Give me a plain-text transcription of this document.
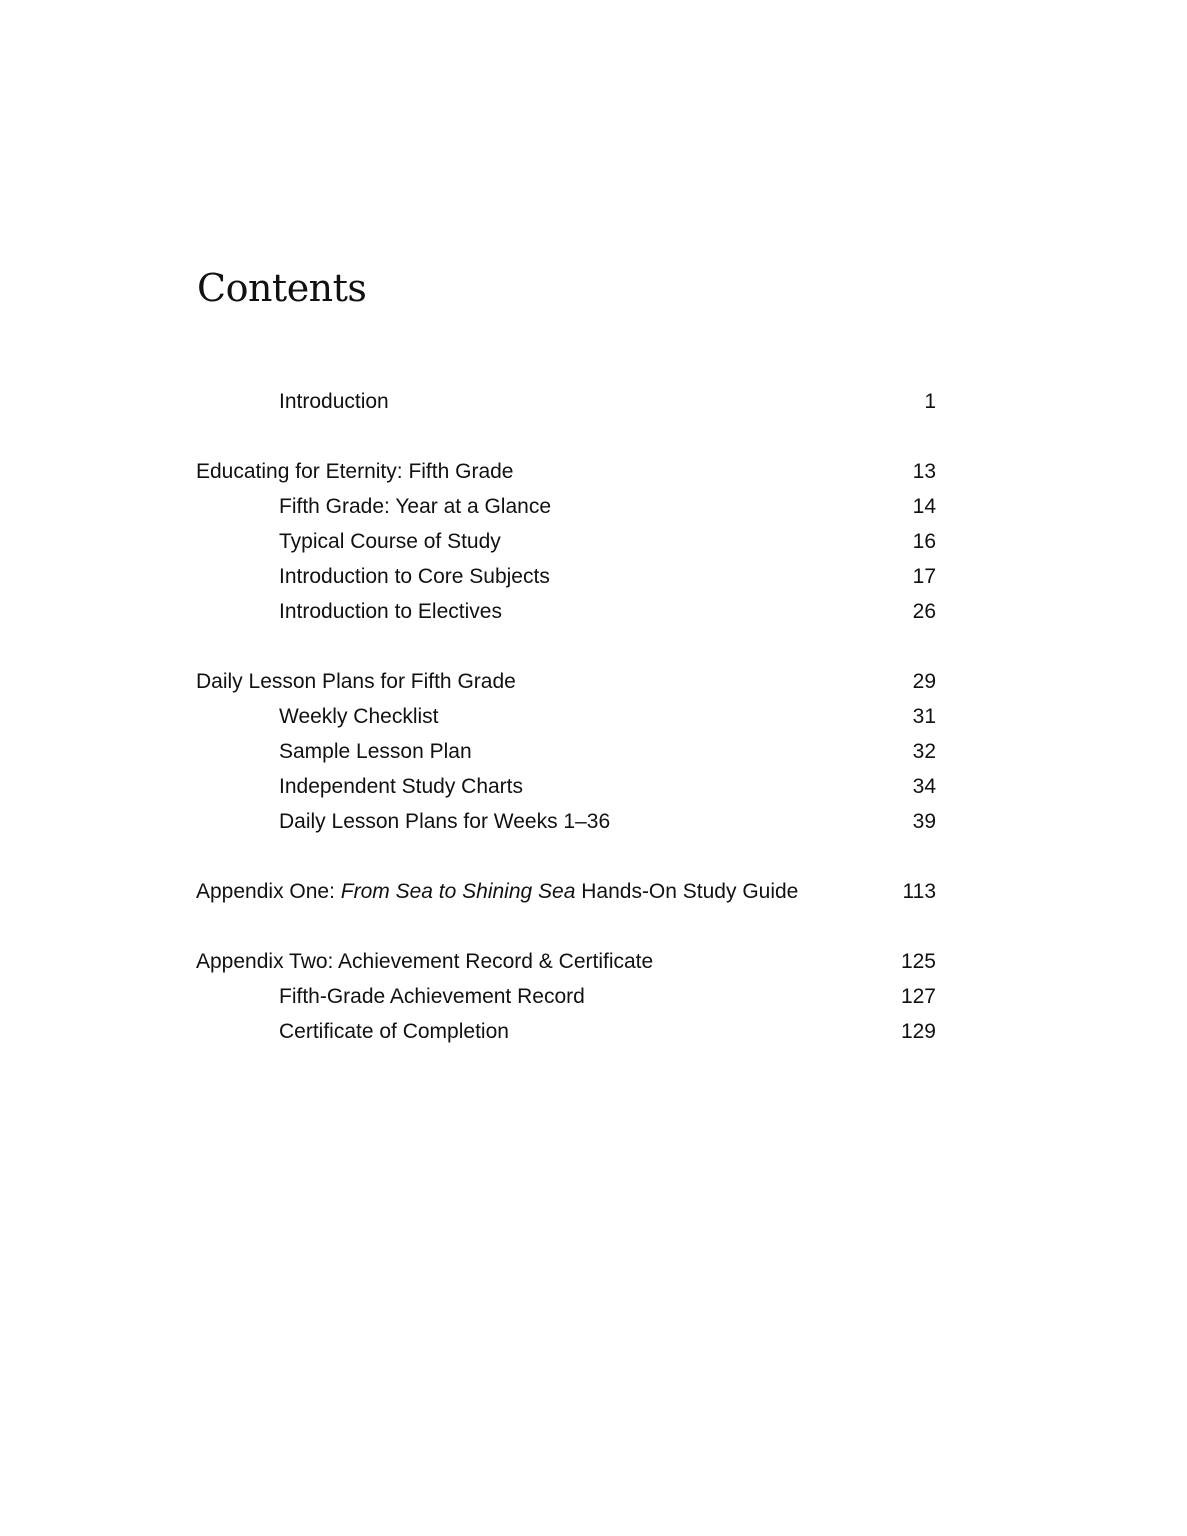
Contents
Introduction	1
Educating for Eternity: Fifth Grade	13
Fifth Grade: Year at a Glance	14
Typical Course of Study	16
Introduction to Core Subjects	17
Introduction to Electives	26
Daily Lesson Plans for Fifth Grade	29
Weekly Checklist	31
Sample Lesson Plan	32
Independent Study Charts	34
Daily Lesson Plans for Weeks 1–36	39
Appendix One: From Sea to Shining Sea Hands-On Study Guide	113
Appendix Two: Achievement Record & Certificate	125
Fifth-Grade Achievement Record	127
Certificate of Completion	129
